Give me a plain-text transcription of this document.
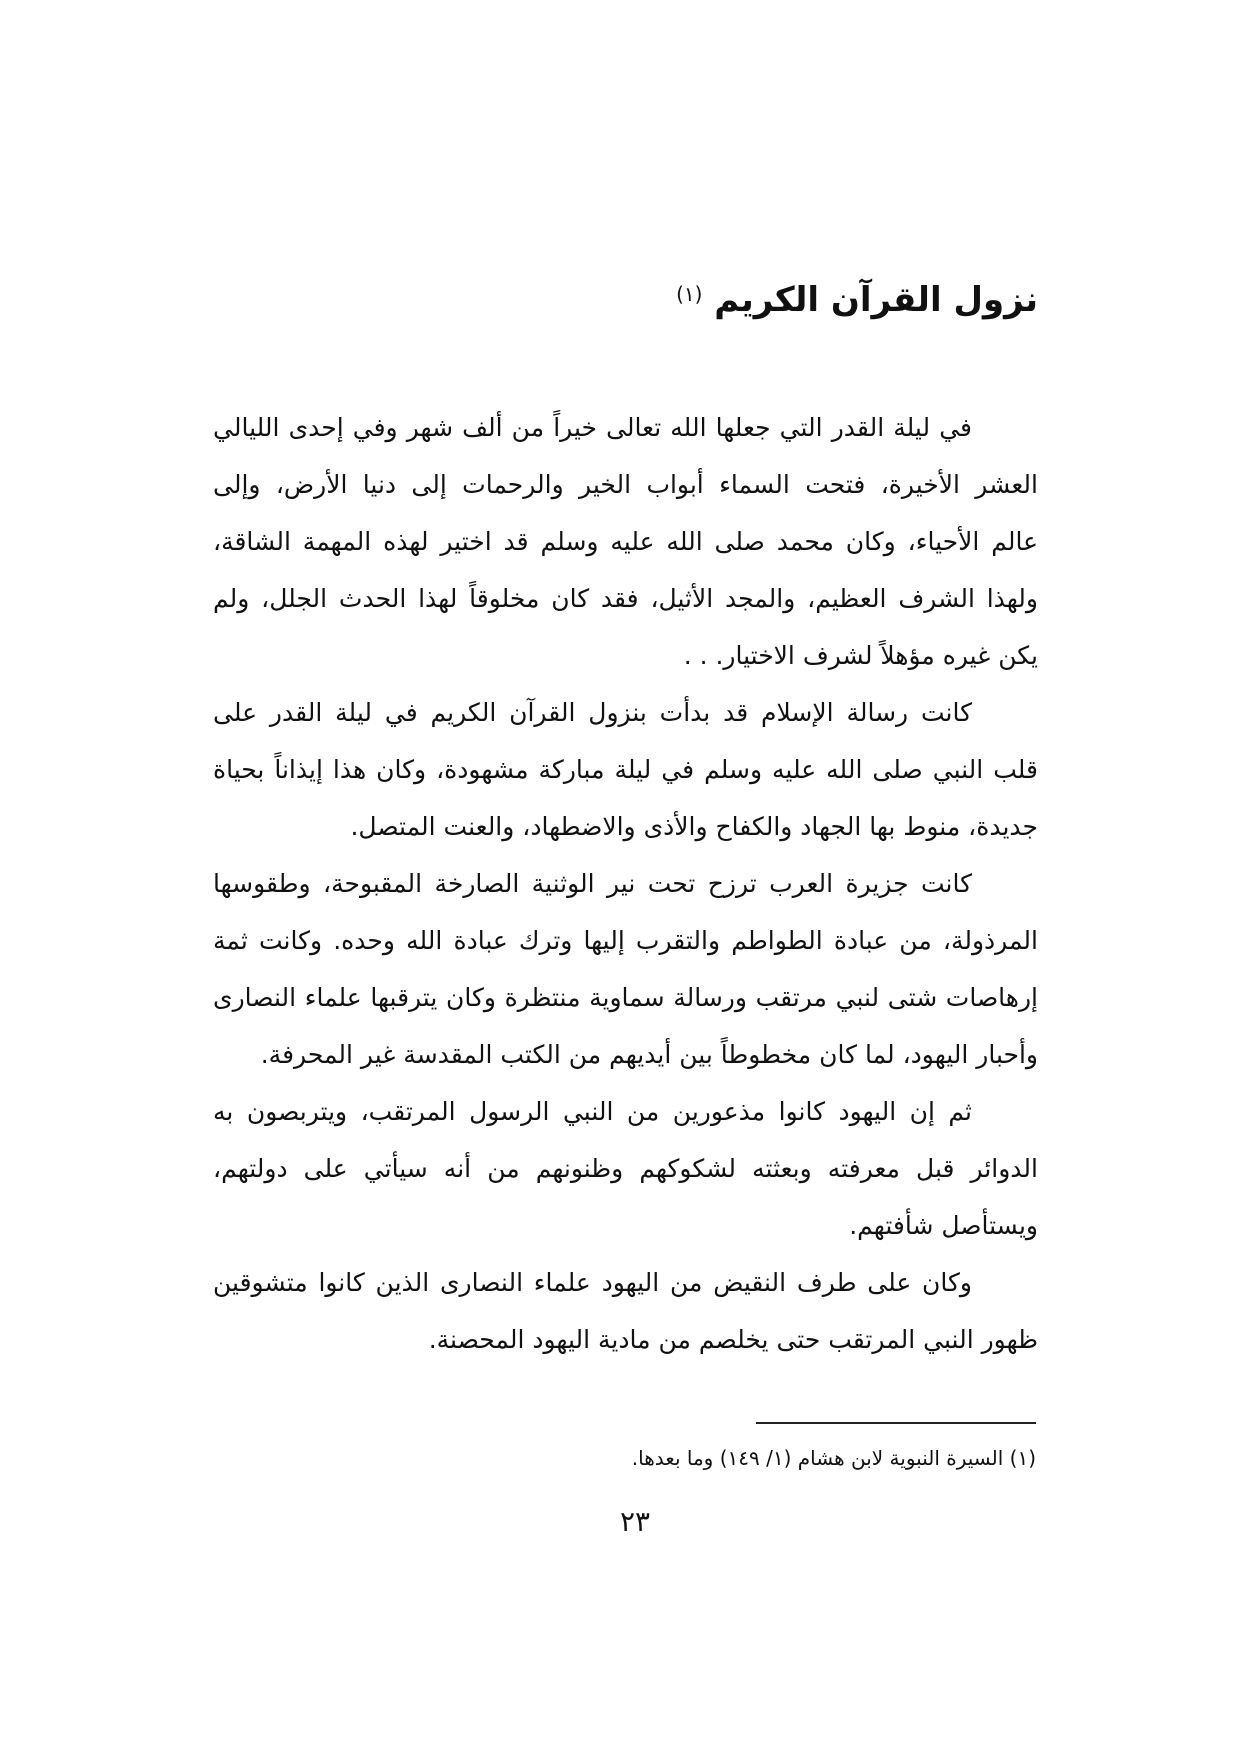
نزول القرآن الكريم $^{(١)}$
في ليلة القدر التي جعلها الله تعالى خيراً من ألف شهر وفي إحدى الليالي
العشر الأخيرة، فتحت السماء أبواب الخير والرحمات إلى دنيا الأرض، وإلى
عالم الأحياء، وكان محمد صلى الله عليه وسلم قد اختير لهذه المهمة الشاقة،
ولهذا الشرف العظيم، والمجد الأثيل، فقد كان مخلوقاً لهذا الحدث الجلل، ولم
يكن غيره مؤهلاً لشرف الاختيار. . .
كانت رسالة الإسلام قد بدأت بنزول القرآن الكريم في ليلة القدر على
قلب النبي صلى الله عليه وسلم في ليلة مباركة مشهودة، وكان هذا إيذاناً بحياة
جديدة، منوط بها الجهاد والكفاح والأذى والاضطهاد، والعنت المتصل.
كانت جزيرة العرب ترزح تحت نير الوثنية الصارخة المقبوحة، وطقوسها
المرذولة، من عبادة الطواطم والتقرب إليها وترك عبادة الله وحده. وكانت ثمة
إرهاصات شتى لنبي مرتقب ورسالة سماوية منتظرة وكان يترقبها علماء النصارى
وأحبار اليهود، لما كان مخطوطاً بين أيديهم من الكتب المقدسة غير المحرفة.
ثم إن اليهود كانوا مذعورين من النبي الرسول المرتقب، ويتربصون به
الدوائر قبل معرفته وبعثته لشكوكهم وظنونهم من أنه سيأتي على دولتهم،
ويستأصل شأفتهم.
وكان على طرف النقيض من اليهود علماء النصارى الذين كانوا متشوقين
ظهور النبي المرتقب حتى يخلصم من مادية اليهود المحصنة.
(١) السيرة النبوية لابن هشام (١/ ١٤٩) وما بعدها.
٢٣
